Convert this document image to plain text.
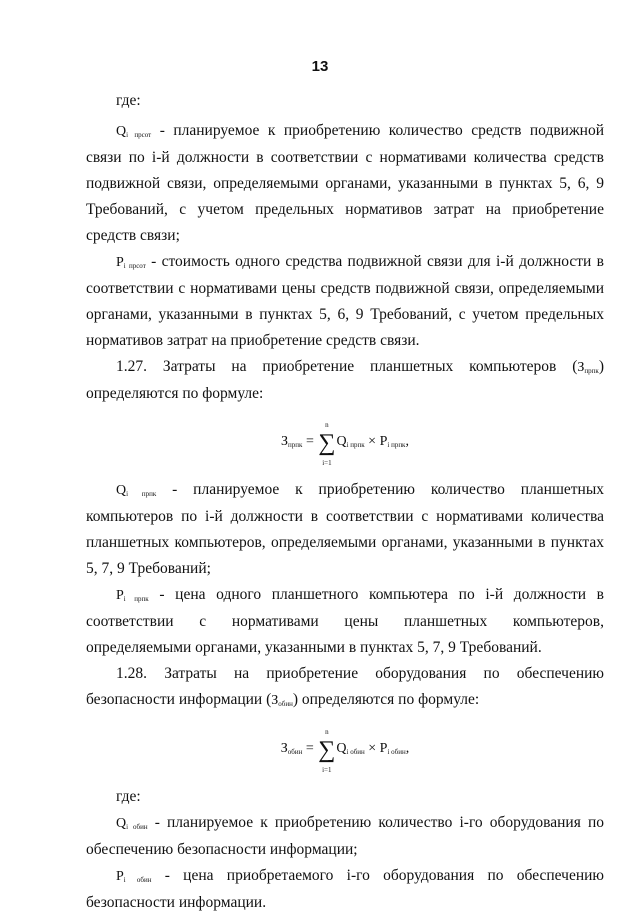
13

где:

$Q_{i прсот}$ - планируемое к приобретению количество средств подвижной связи по i-й должности в соответствии с нормативами количества средств подвижной связи, определяемыми органами, указанными в пунктах 5, 6, 9 Требований, с учетом предельных нормативов затрат на приобретение средств связи;

$P_{i прсот}$ - стоимость одного средства подвижной связи для i-й должности в соответствии с нормативами цены средств подвижной связи, определяемыми органами, указанными в пунктах 5, 6, 9 Требований, с учетом предельных нормативов затрат на приобретение средств связи.

1.27. Затраты на приобретение планшетных компьютеров $(З_{прпк})$ определяются по формуле:

$З_{прпк}$ = ∑
n
i=1
$Q_{i прпк} \times P_{i прпк}$,

$Q_{i прпк}$ - планируемое к приобретению количество планшетных компьютеров по i-й должности в соответствии с нормативами количества планшетных компьютеров, определяемыми органами, указанными в пунктах 5, 7, 9 Требований;

$P_{i прпк}$ - цена одного планшетного компьютера по i-й должности в соответствии с нормативами цены планшетных компьютеров, определяемыми органами, указанными в пунктах 5, 7, 9 Требований.

1.28. Затраты на приобретение оборудования по обеспечению безопасности информации $(З_{обин})$ определяются по формуле:

$З_{обин}$ = ∑
n
i=1
$Q_{i обин} \times P_{i обин}$,

где:

$Q_{i обин}$ - планируемое к приобретению количество i-го оборудования по обеспечению безопасности информации;

$P_{i обин}$ - цена приобретаемого i-го оборудования по обеспечению безопасности информации.
